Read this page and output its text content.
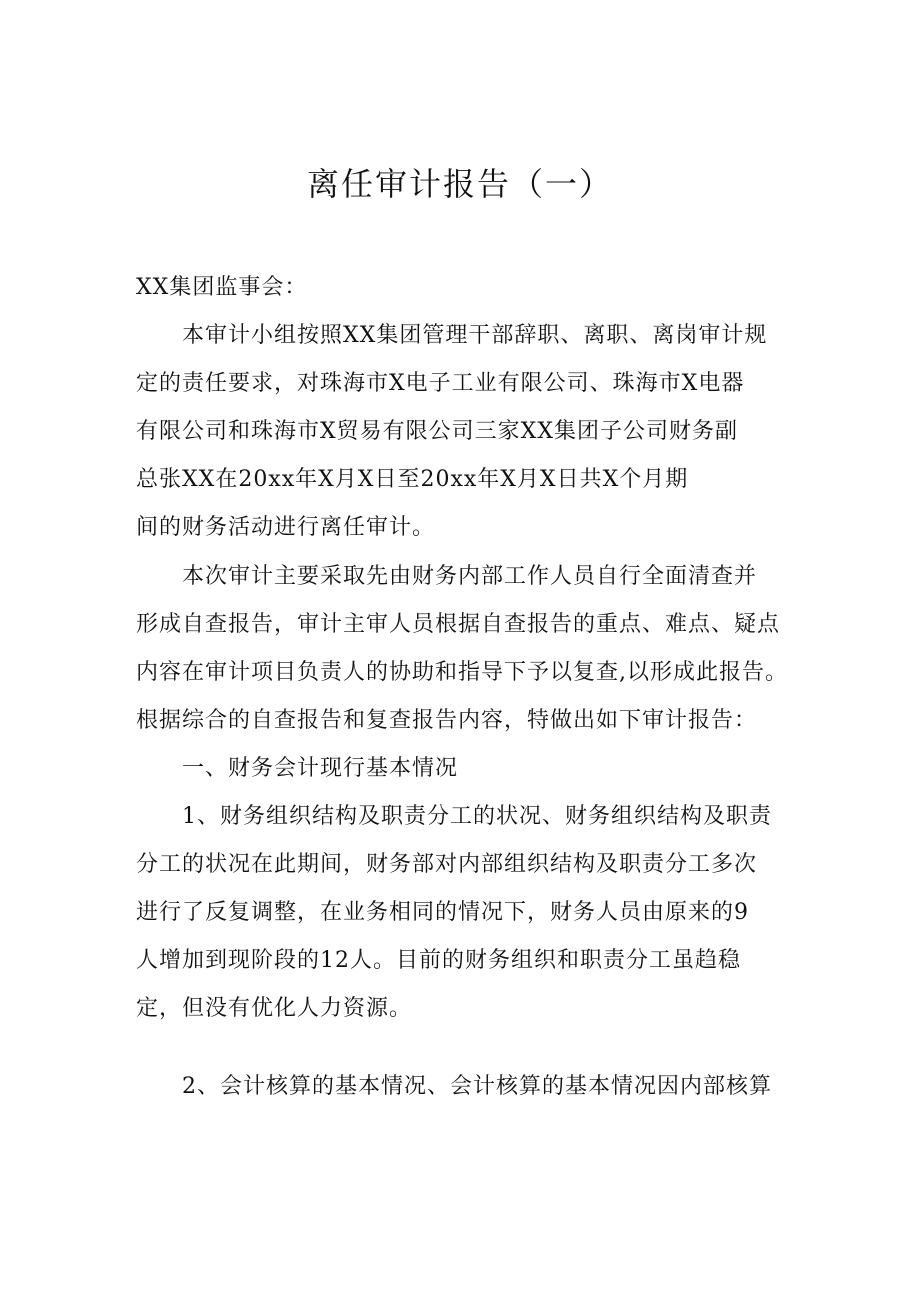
离任审计报告（一）
XX集团监事会：
本审计小组按照XX集团管理干部辞职、离职、离岗审计规
定的责任要求，对珠海市X电子工业有限公司、珠海市X电器
有限公司和珠海市X贸易有限公司三家XX集团子公司财务副
总张XX在20xx年X月X日至20xx年X月X日共X个月期
间的财务活动进行离任审计。
本次审计主要采取先由财务内部工作人员自行全面清查并
形成自查报告，审计主审人员根据自查报告的重点、难点、疑点
内容在审计项目负责人的协助和指导下予以复查,以形成此报告。
根据综合的自查报告和复查报告内容，特做出如下审计报告：
一、财务会计现行基本情况
1、财务组织结构及职责分工的状况、财务组织结构及职责
分工的状况在此期间，财务部对内部组织结构及职责分工多次
进行了反复调整，在业务相同的情况下，财务人员由原来的9
人增加到现阶段的12人。目前的财务组织和职责分工虽趋稳
定，但没有优化人力资源。
2、会计核算的基本情况、会计核算的基本情况因内部核算
